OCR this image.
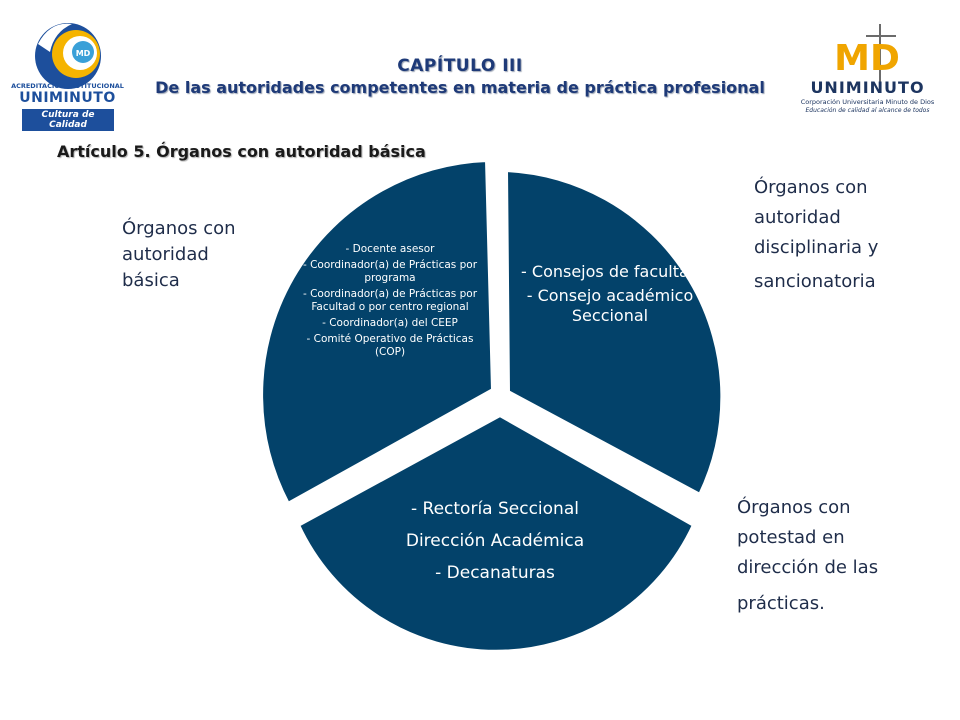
MD
ACREDITACIÓN INSTITUCIONAL
UNIMINUTO
Cultura de Calidad
MD
UNIMINUTO
Corporación Universitaria Minuto de Dios
Educación de calidad al alcance de todos
CAPÍTULO III
De las autoridades competentes en materia de práctica profesional
Artículo 5. Órganos con autoridad básica
- Docente asesor
- Coordinador(a) de Prácticas por programa
- Coordinador(a) de Prácticas por Facultad o por centro regional
- Coordinador(a) del CEEP
- Comité Operativo de Prácticas (COP)
- Consejos de facultad
- Consejo académico Seccional
- Rectoría Seccional
Dirección Académica
- Decanaturas
Órganos con
autoridad
básica
Órganos con
autoridad
disciplinaria y
sancionatoria
Órganos con
potestad en
dirección de las
prácticas.
